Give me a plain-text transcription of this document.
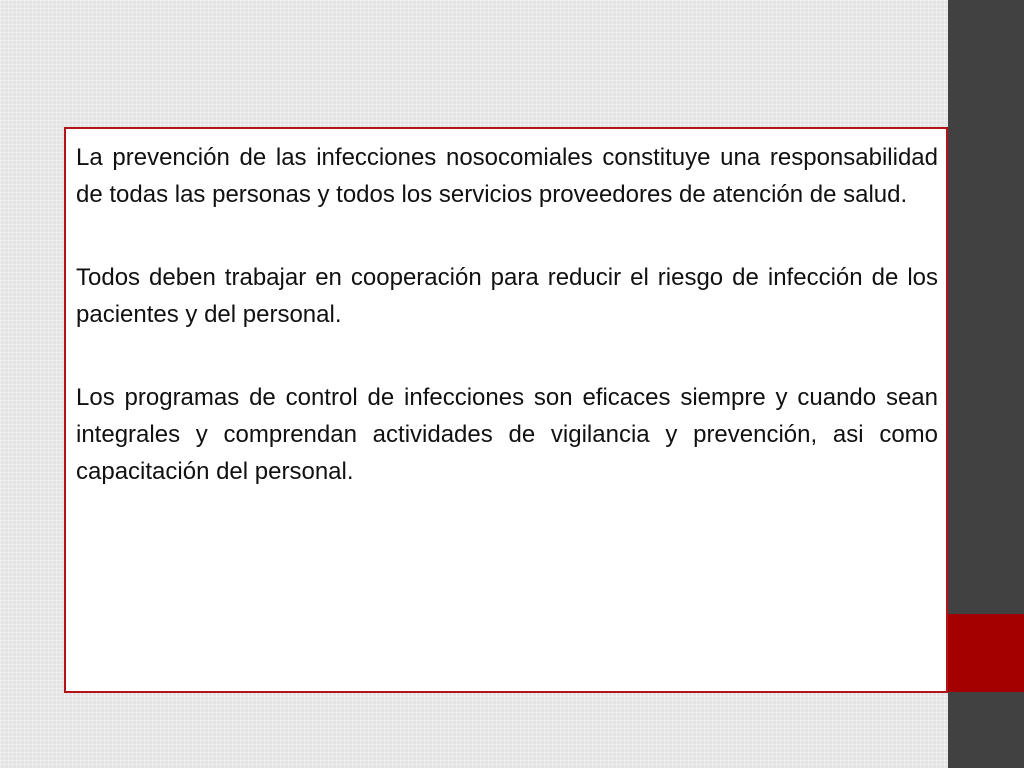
La prevención de las infecciones nosocomiales constituye una responsabilidad de todas las personas y todos los servicios proveedores de atención de salud.

Todos deben trabajar en cooperación para reducir el riesgo de infección de los pacientes y del personal.

Los programas de control de infecciones son eficaces siempre y cuando sean integrales y comprendan actividades de vigilancia y prevención, asi como capacitación del personal.
